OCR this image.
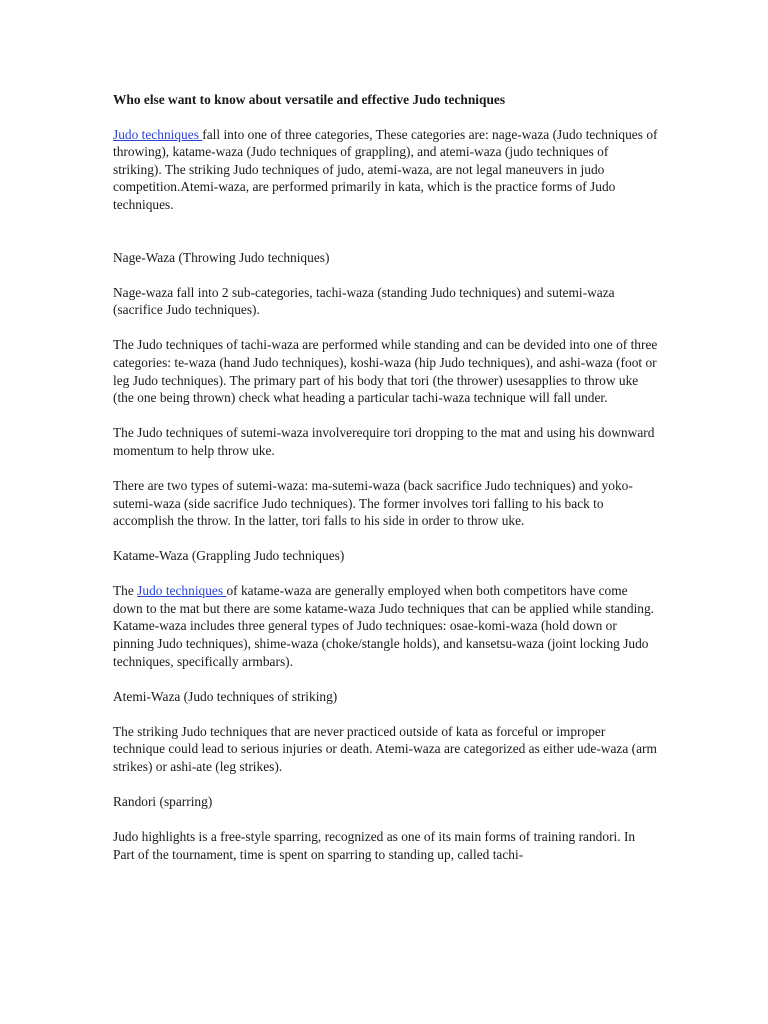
Who else want to know about versatile and effective Judo techniques

Judo techniques fall into one of three categories, These categories are: nage-waza (Judo techniques of throwing), katame-waza (Judo techniques of grappling), and atemi-waza (judo techniques of striking). The striking Judo techniques of judo, atemi-waza, are not legal maneuvers in judo competition.Atemi-waza, are performed primarily in kata, which is the practice forms of Judo techniques.

Nage-Waza (Throwing Judo techniques)

Nage-waza fall into 2 sub-categories, tachi-waza (standing Judo techniques) and sutemi-waza (sacrifice Judo techniques).

The Judo techniques of tachi-waza are performed while standing and can be devided into one of three categories: te-waza (hand Judo techniques), koshi-waza (hip Judo techniques), and ashi-waza (foot or leg Judo techniques). The primary part of his body that tori (the thrower) usesapplies to throw uke (the one being thrown) check what heading a particular tachi-waza technique will fall under.

The Judo techniques of sutemi-waza involverequire tori dropping to the mat and using his downward momentum to help throw uke.

There are two types of sutemi-waza: ma-sutemi-waza (back sacrifice Judo techniques) and yoko-sutemi-waza (side sacrifice Judo techniques). The former involves tori falling to his back to accomplish the throw. In the latter, tori falls to his side in order to throw uke.

Katame-Waza (Grappling Judo techniques)

The Judo techniques of katame-waza are generally employed when both competitors have come down to the mat but there are some katame-waza Judo techniques that can be applied while standing. Katame-waza includes three general types of Judo techniques: osae-komi-waza (hold down or pinning Judo techniques), shime-waza (choke/stangle holds), and kansetsu-waza (joint locking Judo techniques, specifically armbars).

Atemi-Waza (Judo techniques of striking)

The striking Judo techniques that are never practiced outside of kata as forceful or improper technique could lead to serious injuries or death. Atemi-waza are categorized as either ude-waza (arm strikes) or ashi-ate (leg strikes).

Randori (sparring)

Judo highlights is a free-style sparring, recognized as one of its main forms of training randori. In Part of the tournament, time is spent on sparring to standing up, called tachi-
